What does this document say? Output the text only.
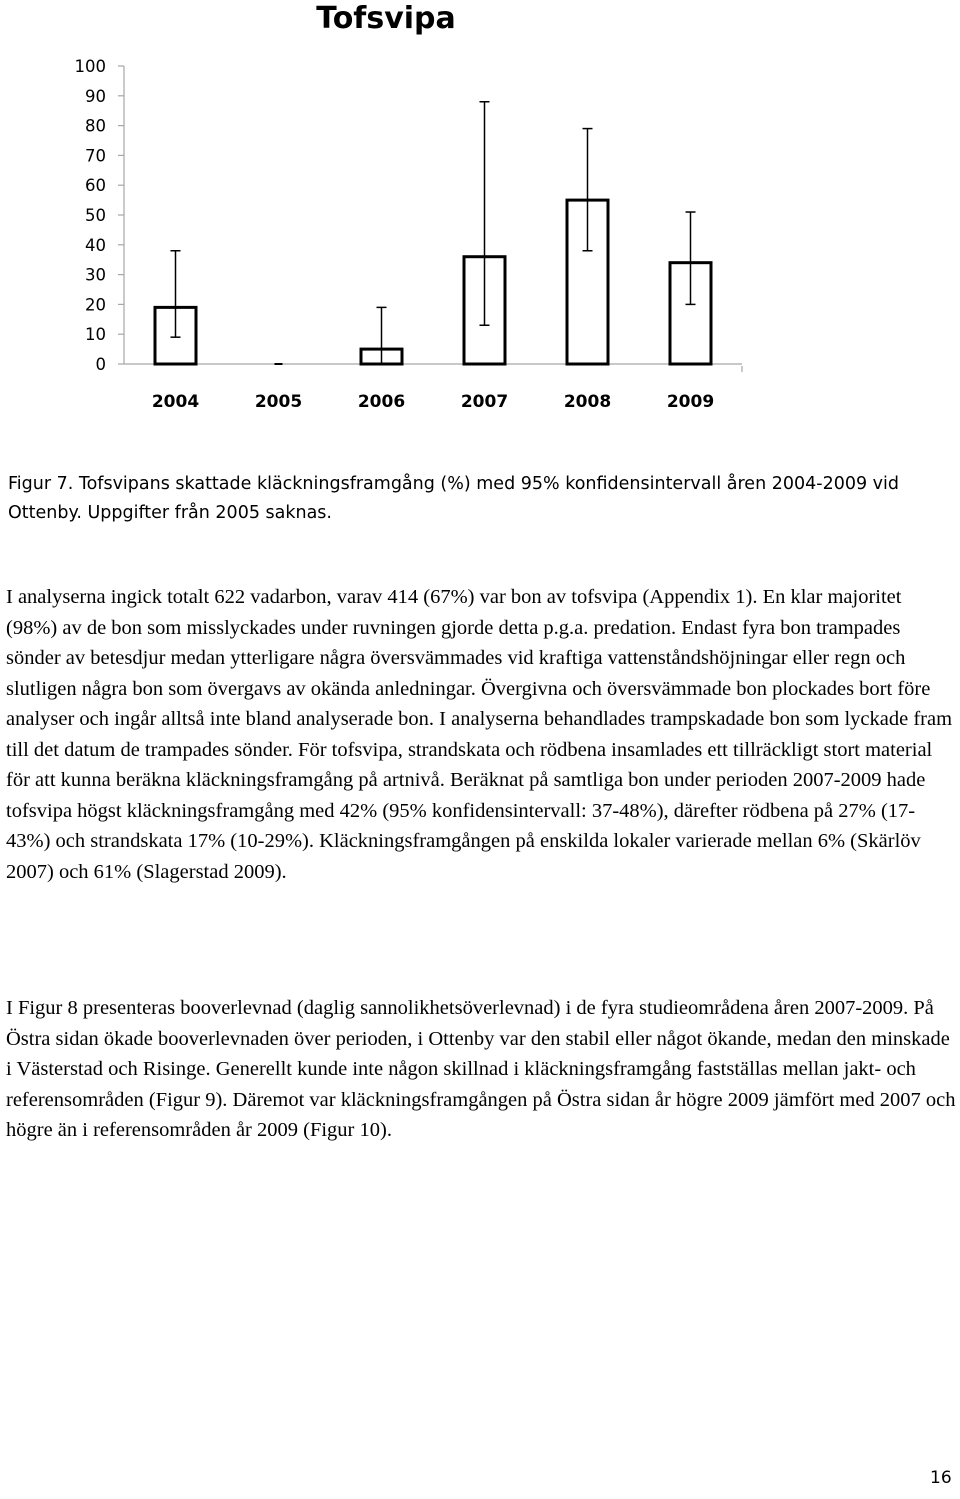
Tofsvipa
100
90
80
70
60
50
40
30
20
10
0
2004	2005	2006	2007	2008	2009

Figur 7. Tofsvipans skattade kläckningsframgång (%) med 95% konfidensintervall åren 2004-2009 vid Ottenby. Uppgifter från 2005 saknas.

I analyserna ingick totalt 622 vadarbon, varav 414 (67%) var bon av tofsvipa (Appendix 1). En klar majoritet (98%) av de bon som misslyckades under ruvningen gjorde detta p.g.a. predation. Endast fyra bon trampades sönder av betesdjur medan ytterligare några översvämmades vid kraftiga vattenståndshöjningar eller regn och slutligen några bon som övergavs av okända anledningar. Övergivna och översvämmade bon plockades bort före analyser och ingår alltså inte bland analyserade bon. I analyserna behandlades trampskadade bon som lyckade fram till det datum de trampades sönder. För tofsvipa, strandskata och rödbena insamlades ett tillräckligt stort material för att kunna beräkna kläckningsframgång på artnivå. Beräknat på samtliga bon under perioden 2007-2009 hade tofsvipa högst kläckningsframgång med 42% (95% konfidensintervall: 37-48%), därefter rödbena på 27% (17-43%) och strandskata 17% (10-29%). Kläckningsframgången på enskilda lokaler varierade mellan 6% (Skärlöv 2007) och 61% (Slagerstad 2009).

I Figur 8 presenteras booverlevnad (daglig sannolikhetsöverlevnad) i de fyra studieområdena åren 2007-2009. På Östra sidan ökade booverlevnaden över perioden, i Ottenby var den stabil eller något ökande, medan den minskade i Västerstad och Risinge. Generellt kunde inte någon skillnad i kläckningsframgång fastställas mellan jakt- och referensområden (Figur 9). Däremot var kläckningsframgången på Östra sidan år högre 2009 jämfört med 2007 och högre än i referensområden år 2009 (Figur 10).

16
